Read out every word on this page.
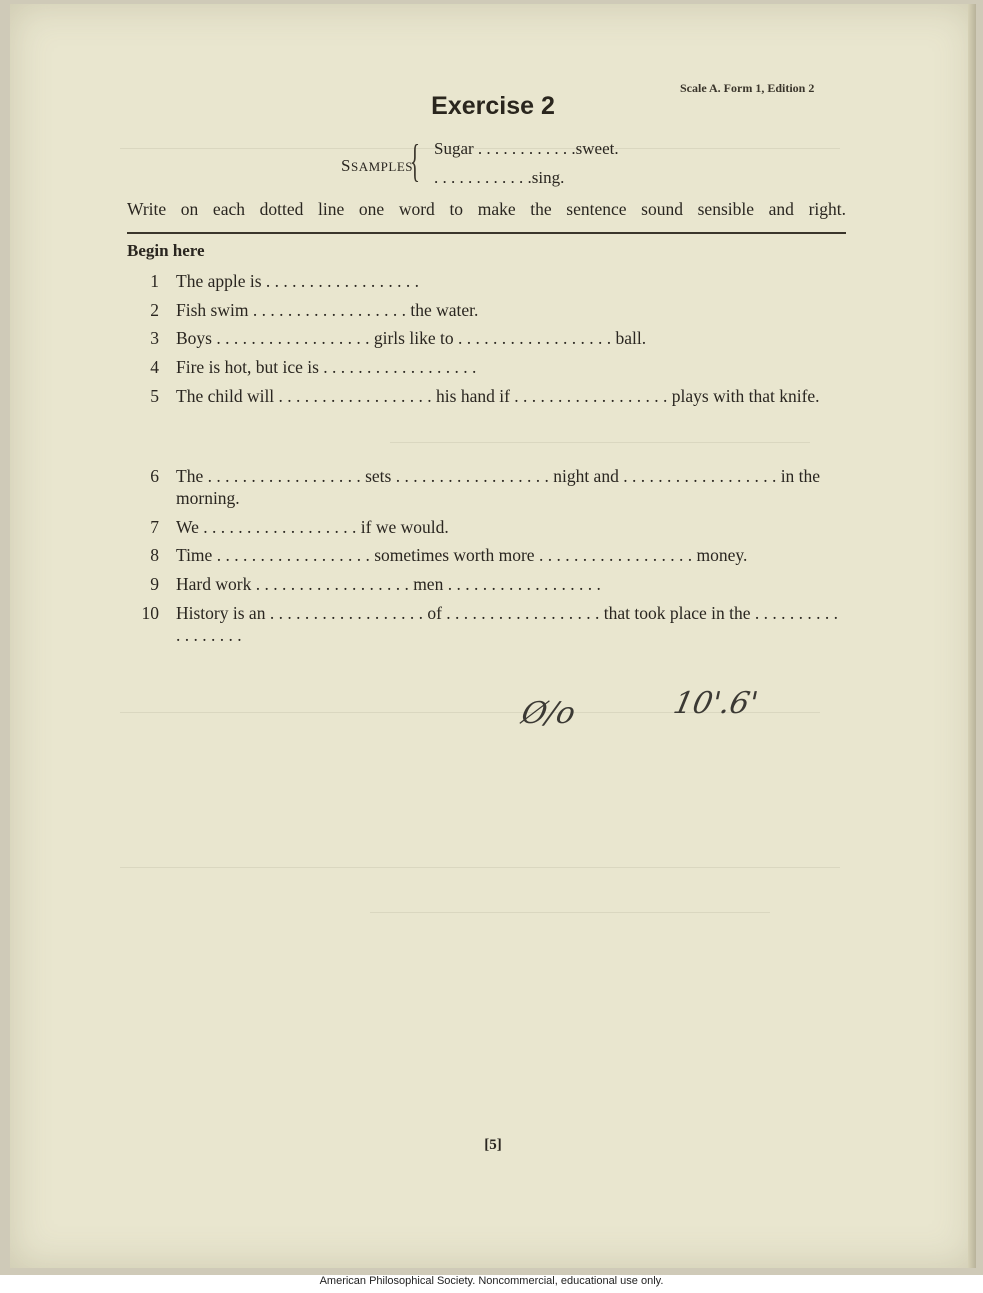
Scale A. Form 1, Edition 2
Exercise 2
SSAMPLES
{ Sugar . . . . . . . . . . . .sweet.
. . . . . . . . . . . .sing.
Write on each dotted line one word to make the sentence sound sensible and right.
Begin here
1 The apple is . . . . . . . . . . . . . . . . . .
2 Fish swim . . . . . . . . . . . . . . . . . . the water.
3 Boys . . . . . . . . . . . . . . . . . . girls like to . . . . . . . . . . . . . . . . . . ball.
4 Fire is hot, but ice is . . . . . . . . . . . . . . . . . .
5 The child will . . . . . . . . . . . . . . . . . . his hand if . . . . . . . . . . . . . . . . . . plays with that knife.
6 The . . . . . . . . . . . . . . . . . . sets . . . . . . . . . . . . . . . . . . night and . . . . . . . . . . . . . . . . . . in the morning.
7 We . . . . . . . . . . . . . . . . . . if we would.
8 Time . . . . . . . . . . . . . . . . . . sometimes worth more . . . . . . . . . . . . . . . . . . money.
9 Hard work . . . . . . . . . . . . . . . . . . men . . . . . . . . . . . . . . . . . .
10 History is an . . . . . . . . . . . . . . . . . . of . . . . . . . . . . . . . . . . . . that took place in the . . . . . . . . . . . . . . . . . .
Ø/o	10'.6'
[5]
American Philosophical Society. Noncommercial, educational use only.
